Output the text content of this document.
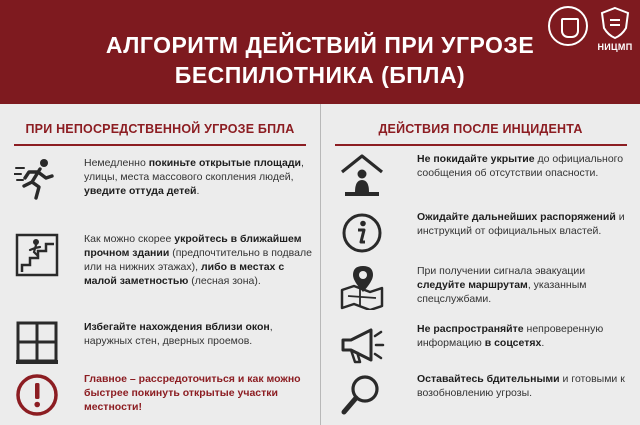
АЛГОРИТМ ДЕЙСТВИЙ ПРИ УГРОЗЕ
БЕСПИЛОТНИКА (БПЛА)
НИЦМП
ПРИ НЕПОСРЕДСТВЕННОЙ УГРОЗЕ БПЛА
Немедленно покиньте открытые площади, улицы, места массового скопления людей, уведите оттуда детей.
Как можно скорее укройтесь в ближайшем прочном здании (предпочтительно в подвале или на нижних этажах), либо в местах с малой заметностью (лесная зона).
Избегайте нахождения вблизи окон, наружных стен, дверных проемов.
Главное – рассредоточиться и как можно быстрее покинуть открытые участки местности!
ДЕЙСТВИЯ ПОСЛЕ ИНЦИДЕНТА
Не покидайте укрытие до официального сообщения об отсутствии опасности.
Ожидайте дальнейших распоряжений и инструкций от официальных властей.
При получении сигнала эвакуации следуйте маршрутам, указанным спецслужбами.
Не распространяйте непроверенную информацию в соцсетях.
Оставайтесь бдительными и готовыми к возобновлению угрозы.
